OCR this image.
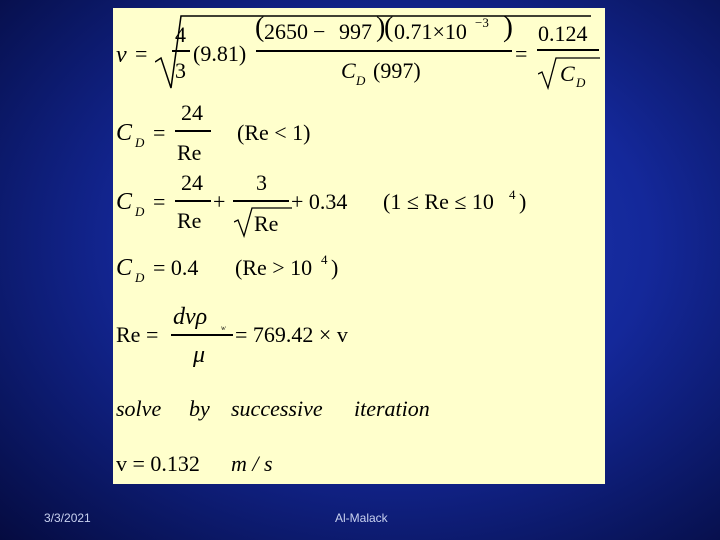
v =
4
3
(9.81)
( 2650 − 997 )
( 0.71×10 −3 )
C D (997)
=
0.124
C D
C D =
24
Re
(Re < 1)
C D =
24
Re
+
3
Re
+ 0.34 (1 ≤ Re ≤ 10 4 )
C D = 0.4 (Re > 10 4 )
Re =
dvρ w
μ
= 769.42 × v
solve by successive iteration
v = 0.132 m / s
3/3/2021	Al-Malack
